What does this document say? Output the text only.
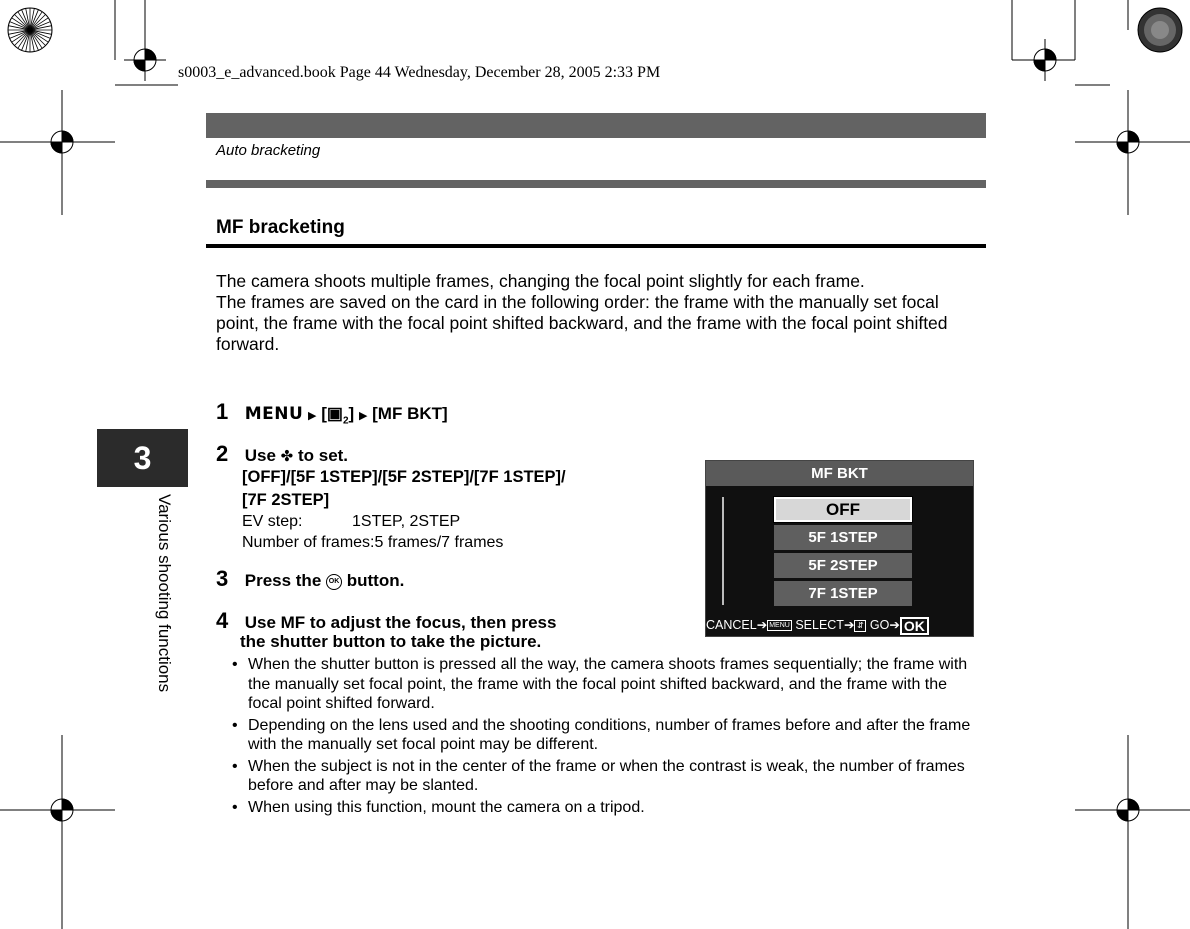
s0003_e_advanced.book Page 44 Wednesday, December 28, 2005 2:33 PM
Auto bracketing
MF bracketing

The camera shoots multiple frames, changing the focal point slightly for each frame.

The frames are saved on the card in the following order: the frame with the manually set focal point, the frame with the focal point shifted backward, and the frame with the focal point shifted forward.

3
Various shooting functions
1 MENU ▶ $[▣_2]$ ▶ [MF BKT]
2 Use ✤ to set.
[OFF]/[5F 1STEP]/[5F 2STEP]/[7F 1STEP]/
[7F 2STEP]
EV step:	1STEP, 2STEP
Number of frames:5 frames/7 frames
3 Press the OK button.
4 Use MF to adjust the focus, then press
the shutter button to take the picture.
• When the shutter button is pressed all the way, the camera shoots frames sequentially; the frame with the manually set focal point, the frame with the focal point shifted backward, and the frame with the focal point shifted forward.
• Depending on the lens used and the shooting conditions, number of frames before and after the frame with the manually set focal point may be different.
• When the subject is not in the center of the frame or when the contrast is weak, the number of frames before and after may be slanted.
• When using this function, mount the camera on a tripod.
MF BKT
OFF
5F 1STEP
5F 2STEP
7F 1STEP
CANCEL➔ MENU SELECT➔ ⇵ GO➔ OK
